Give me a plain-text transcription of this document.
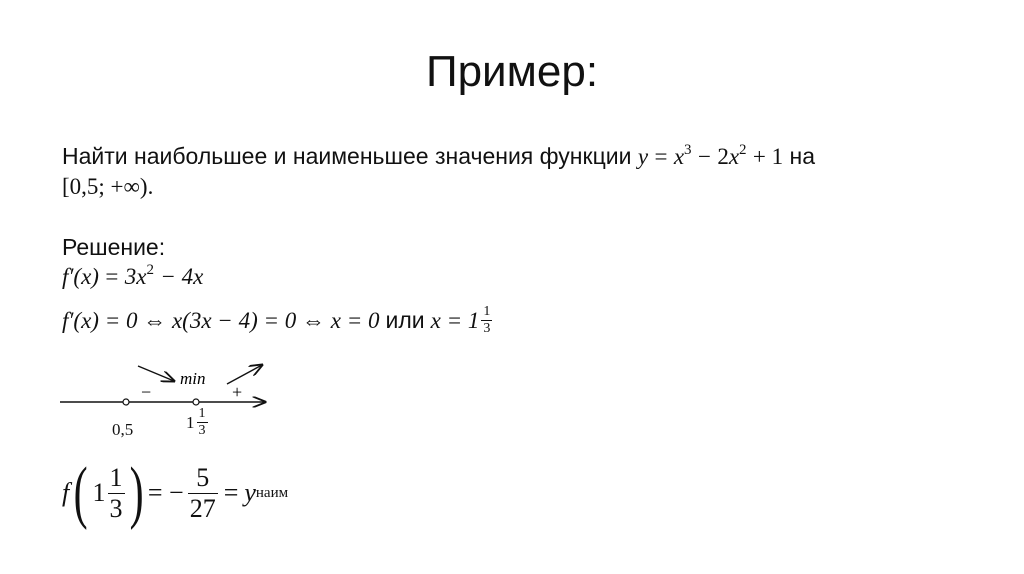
Пример:
Найти наибольшее и наименьшее значения функции $y = x^3 - 2x^2 + 1$ на
[0,5; +∞).
Решение:
$f'(x) = 3x^2 - 4x$
f′(x) = 0 ⇔ x(3x − 4) = 0 ⇔ x = 0 или $x = 1 \frac{1}{3}$
min
−	+
0,5	$1 \frac{1}{3}$
f ( $1 \frac{1}{3}$ ) = − $\frac{5}{27} = y$ наим
